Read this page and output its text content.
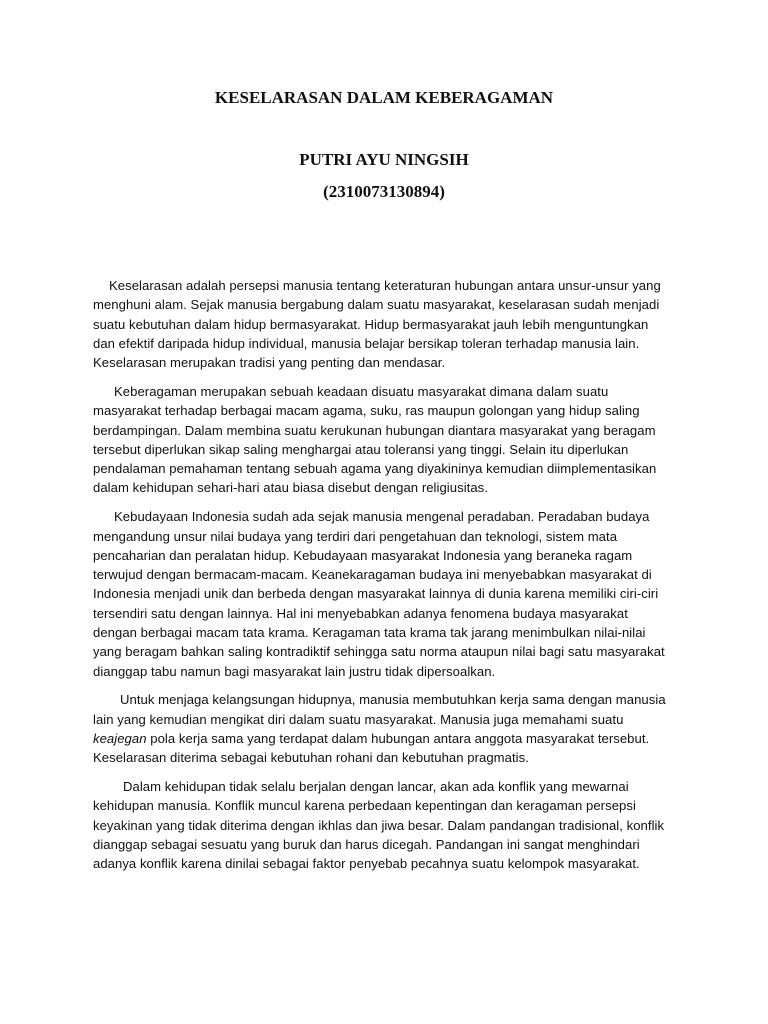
KESELARASAN DALAM KEBERAGAMAN
PUTRI AYU NINGSIH
(2310073130894)

Keselarasan adalah persepsi manusia tentang keteraturan hubungan antara unsur-unsur yang menghuni alam. Sejak manusia bergabung dalam suatu masyarakat, keselarasan sudah menjadi suatu kebutuhan dalam hidup bermasyarakat. Hidup bermasyarakat jauh lebih menguntungkan dan efektif daripada hidup individual, manusia belajar bersikap toleran terhadap manusia lain. Keselarasan merupakan tradisi yang penting dan mendasar.

Keberagaman merupakan sebuah keadaan disuatu masyarakat dimana dalam suatu masyarakat terhadap berbagai macam agama, suku, ras maupun golongan yang hidup saling berdampingan. Dalam membina suatu kerukunan hubungan diantara masyarakat yang beragam tersebut diperlukan sikap saling menghargai atau toleransi yang tinggi. Selain itu diperlukan pendalaman pemahaman tentang sebuah agama yang diyakininya kemudian diimplementasikan dalam kehidupan sehari-hari atau biasa disebut dengan religiusitas.

Kebudayaan Indonesia sudah ada sejak manusia mengenal peradaban. Peradaban budaya mengandung unsur nilai budaya yang terdiri dari pengetahuan dan teknologi, sistem mata pencaharian dan peralatan hidup. Kebudayaan masyarakat Indonesia yang beraneka ragam terwujud dengan bermacam-macam. Keanekaragaman budaya ini menyebabkan masyarakat di Indonesia menjadi unik dan berbeda dengan masyarakat lainnya di dunia karena memiliki ciri-ciri tersendiri satu dengan lainnya. Hal ini menyebabkan adanya fenomena budaya masyarakat dengan berbagai macam tata krama. Keragaman tata krama tak jarang menimbulkan nilai-nilai yang beragam bahkan saling kontradiktif sehingga satu norma ataupun nilai bagi satu masyarakat dianggap tabu namun bagi masyarakat lain justru tidak dipersoalkan.

Untuk menjaga kelangsungan hidupnya, manusia membutuhkan kerja sama dengan manusia lain yang kemudian mengikat diri dalam suatu masyarakat. Manusia juga memahami suatu keajegan pola kerja sama yang terdapat dalam hubungan antara anggota masyarakat tersebut. Keselarasan diterima sebagai kebutuhan rohani dan kebutuhan pragmatis.

Dalam kehidupan tidak selalu berjalan dengan lancar, akan ada konflik yang mewarnai kehidupan manusia. Konflik muncul karena perbedaan kepentingan dan keragaman persepsi keyakinan yang tidak diterima dengan ikhlas dan jiwa besar. Dalam pandangan tradisional, konflik dianggap sebagai sesuatu yang buruk dan harus dicegah. Pandangan ini sangat menghindari adanya konflik karena dinilai sebagai faktor penyebab pecahnya suatu kelompok masyarakat.
